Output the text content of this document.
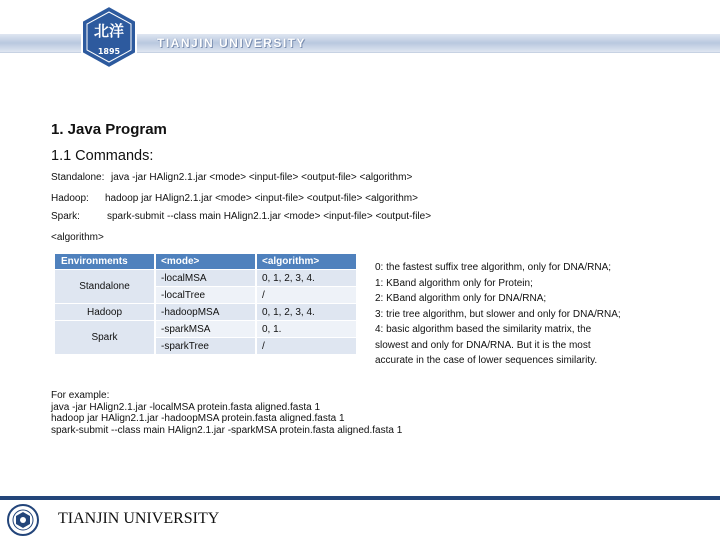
北洋
1895
TIANJIN UNIVERSITY
1. Java Program
1.1 Commands:
Standalone: java -jar HAlign2.1.jar <mode> <input-file> <output-file> <algorithm>
Hadoop: hadoop jar HAlign2.1.jar <mode> <input-file> <output-file> <algorithm>
Spark:	spark-submit --class main HAlign2.1.jar <mode> <input-file> <output-file>
<algorithm>
Environments	<mode>	<algorithm>
Standalone	-localMSA	0, 1, 2, 3, 4.
	-localTree	/
Hadoop	-hadoopMSA	0, 1, 2, 3, 4.
Spark	-sparkMSA	0, 1.
	-sparkTree	/
0: the fastest suffix tree algorithm, only for DNA/RNA;
1: KBand algorithm only for Protein;
2: KBand algorithm only for DNA/RNA;
3: trie tree algorithm, but slower and only for DNA/RNA;
4: basic algorithm based the similarity matrix, the
slowest and only for DNA/RNA. But it is the most
accurate in the case of lower sequences similarity.
For example:
java -jar HAlign2.1.jar -localMSA protein.fasta aligned.fasta 1
hadoop jar HAlign2.1.jar -hadoopMSA protein.fasta aligned.fasta 1
spark-submit --class main HAlign2.1.jar -sparkMSA protein.fasta aligned.fasta 1
TIANJIN UNIVERSITY
